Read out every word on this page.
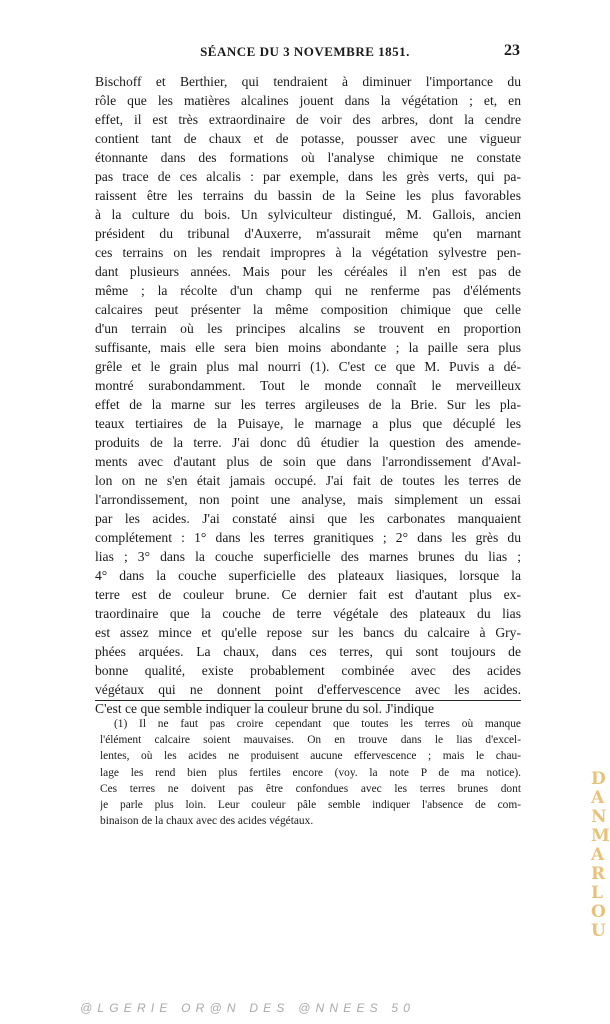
SÉANCE DU 3 NOVEMBRE 1851.	23
Bischoff et Berthier, qui tendraient à diminuer l'importance du
rôle que les matières alcalines jouent dans la végétation ; et, en
effet, il est très extraordinaire de voir des arbres, dont la cendre
contient tant de chaux et de potasse, pousser avec une vigueur
étonnante dans des formations où l'analyse chimique ne constate
pas trace de ces alcalis : par exemple, dans les grès verts, qui pa-
raissent être les terrains du bassin de la Seine les plus favorables
à la culture du bois. Un sylviculteur distingué, M. Gallois, ancien
président du tribunal d'Auxerre, m'assurait même qu'en marnant
ces terrains on les rendait impropres à la végétation sylvestre pen-
dant plusieurs années. Mais pour les céréales il n'en est pas de
même ; la récolte d'un champ qui ne renferme pas d'éléments
calcaires peut présenter la même composition chimique que celle
d'un terrain où les principes alcalins se trouvent en proportion
suffisante, mais elle sera bien moins abondante ; la paille sera plus
grêle et le grain plus mal nourri (1). C'est ce que M. Puvis a dé-
montré surabondamment. Tout le monde connaît le merveilleux
effet de la marne sur les terres argileuses de la Brie. Sur les pla-
teaux tertiaires de la Puisaye, le marnage a plus que décuplé les
produits de la terre. J'ai donc dû étudier la question des amende-
ments avec d'autant plus de soin que dans l'arrondissement d'Aval-
lon on ne s'en était jamais occupé. J'ai fait de toutes les terres de
l'arrondissement, non point une analyse, mais simplement un essai
par les acides. J'ai constaté ainsi que les carbonates manquaient
complétement : 1° dans les terres granitiques ; 2° dans les grès du
lias ; 3° dans la couche superficielle des marnes brunes du lias ;
4° dans la couche superficielle des plateaux liasiques, lorsque la
terre est de couleur brune. Ce dernier fait est d'autant plus ex-
traordinaire que la couche de terre végétale des plateaux du lias
est assez mince et qu'elle repose sur les bancs du calcaire à Gry-
phées arquées. La chaux, dans ces terres, qui sont toujours de
bonne qualité, existe probablement combinée avec des acides
végétaux qui ne donnent point d'effervescence avec les acides.
C'est ce que semble indiquer la couleur brune du sol. J'indique
(1) Il ne faut pas croire cependant que toutes les terres où manque
l'élément calcaire soient mauvaises. On en trouve dans le lias d'excel-
lentes, où les acides ne produisent aucune effervescence ; mais le chau-
lage les rend bien plus fertiles encore (voy. la note P de ma notice).
Ces terres ne doivent pas être confondues avec les terres brunes dont
je parle plus loin. Leur couleur pâle semble indiquer l'absence de com-
binaison de la chaux avec des acides végétaux.
D
A
N
M
A
R
L
O
U
@LGERIE OR@N DES @NNEES 50
